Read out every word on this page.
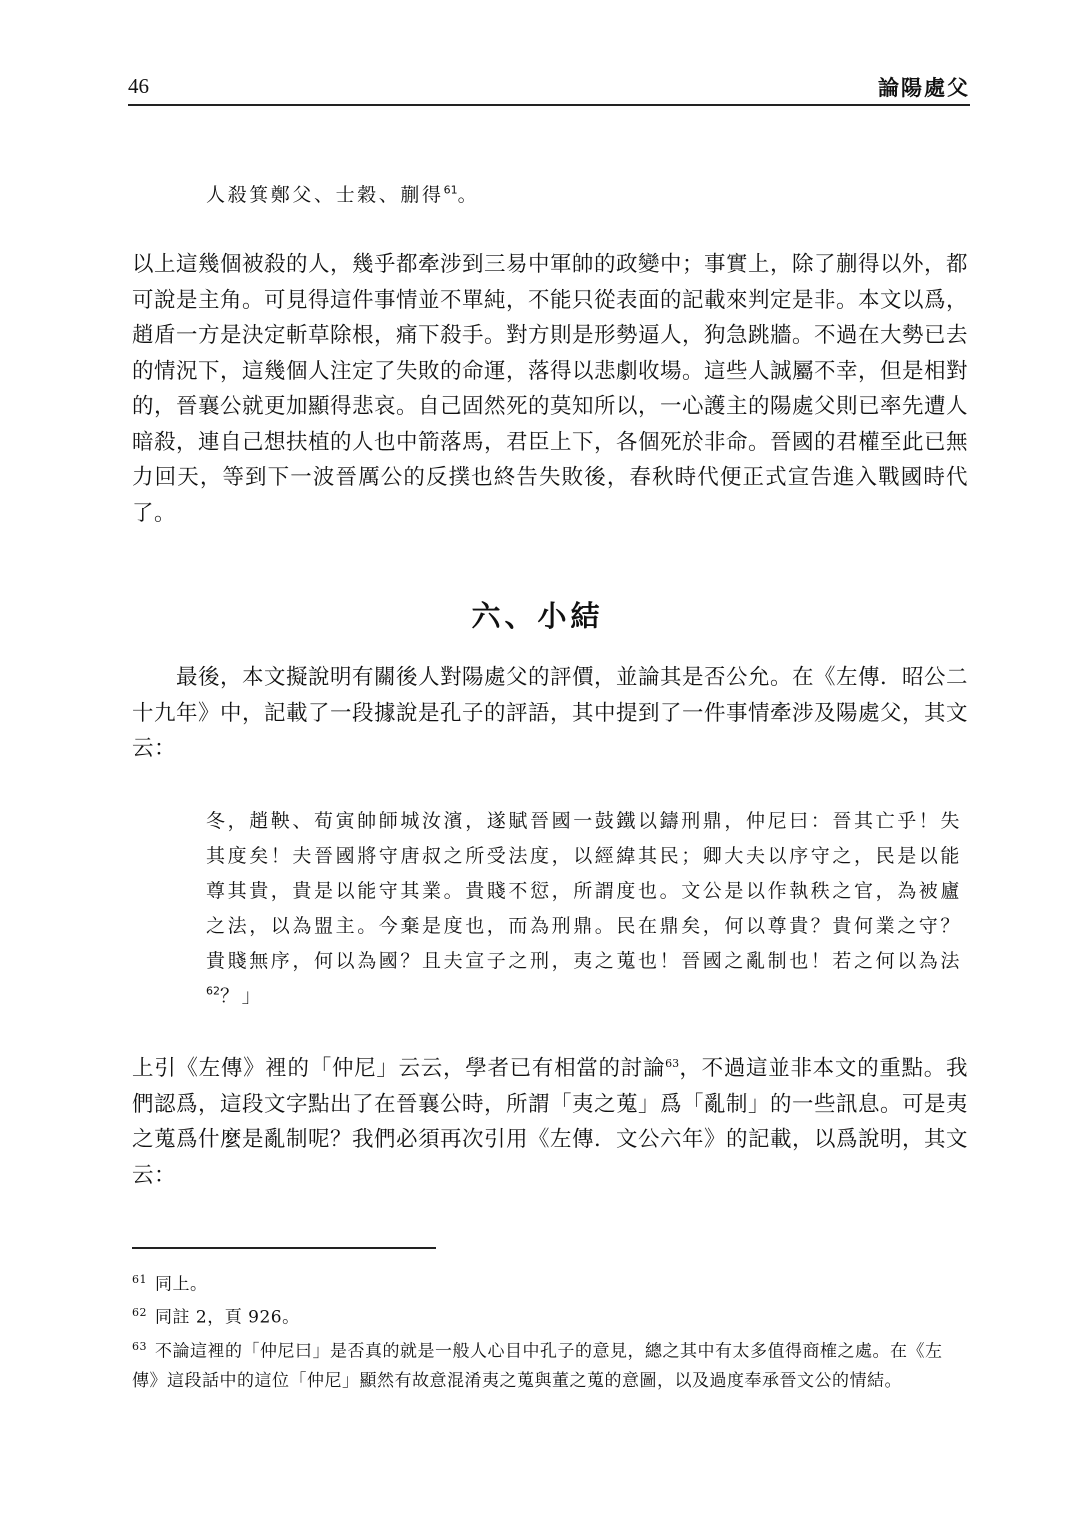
46	論陽處父

人殺箕鄭父、士穀、蒯得$^{61}$。

以上這幾個被殺的人，幾乎都牽涉到三易中軍帥的政變中；事實上，除了蒯得以外，都可說是主角。可見得這件事情並不單純，不能只從表面的記載來判定是非。本文以爲，趙盾一方是決定斬草除根，痛下殺手。對方則是形勢逼人，狗急跳牆。不過在大勢已去的情況下，這幾個人注定了失敗的命運，落得以悲劇收場。這些人誠屬不幸，但是相對的，晉襄公就更加顯得悲哀。自己固然死的莫知所以，一心護主的陽處父則已率先遭人暗殺，連自己想扶植的人也中箭落馬，君臣上下，各個死於非命。晉國的君權至此已無力回天，等到下一波晉厲公的反撲也終告失敗後，春秋時代便正式宣告進入戰國時代了。

六、小結

最後，本文擬說明有關後人對陽處父的評價，並論其是否公允。在《左傳．昭公二十九年》中，記載了一段據說是孔子的評語，其中提到了一件事情牽涉及陽處父，其文云：

冬，趙鞅、荀寅帥師城汝濱，遂賦晉國一鼓鐵以鑄刑鼎，仲尼曰：晉其亡乎！失其度矣！夫晉國將守唐叔之所受法度，以經緯其民；卿大夫以序守之，民是以能尊其貴，貴是以能守其業。貴賤不愆，所謂度也。文公是以作執秩之官，為被廬之法，以為盟主。今棄是度也，而為刑鼎。民在鼎矣，何以尊貴？貴何業之守？貴賤無序，何以為國？且夫宣子之刑，夷之蒐也！晉國之亂制也！若之何以為法$^{62}$？」

上引《左傳》裡的「仲尼」云云，學者已有相當的討論$^{63}$，不過這並非本文的重點。我們認爲，這段文字點出了在晉襄公時，所謂「夷之蒐」爲「亂制」的一些訊息。可是夷之蒐爲什麼是亂制呢？我們必須再次引用《左傳．文公六年》的記載，以爲說明，其文云：

$^{61}$ 同上。

$^{62}$ 同註 2，頁 926。

$^{63}$ 不論這裡的「仲尼曰」是否真的就是一般人心目中孔子的意見，總之其中有太多值得商榷之處。在《左傳》這段話中的這位「仲尼」顯然有故意混淆夷之蒐與董之蒐的意圖，以及過度奉承晉文公的情結。
